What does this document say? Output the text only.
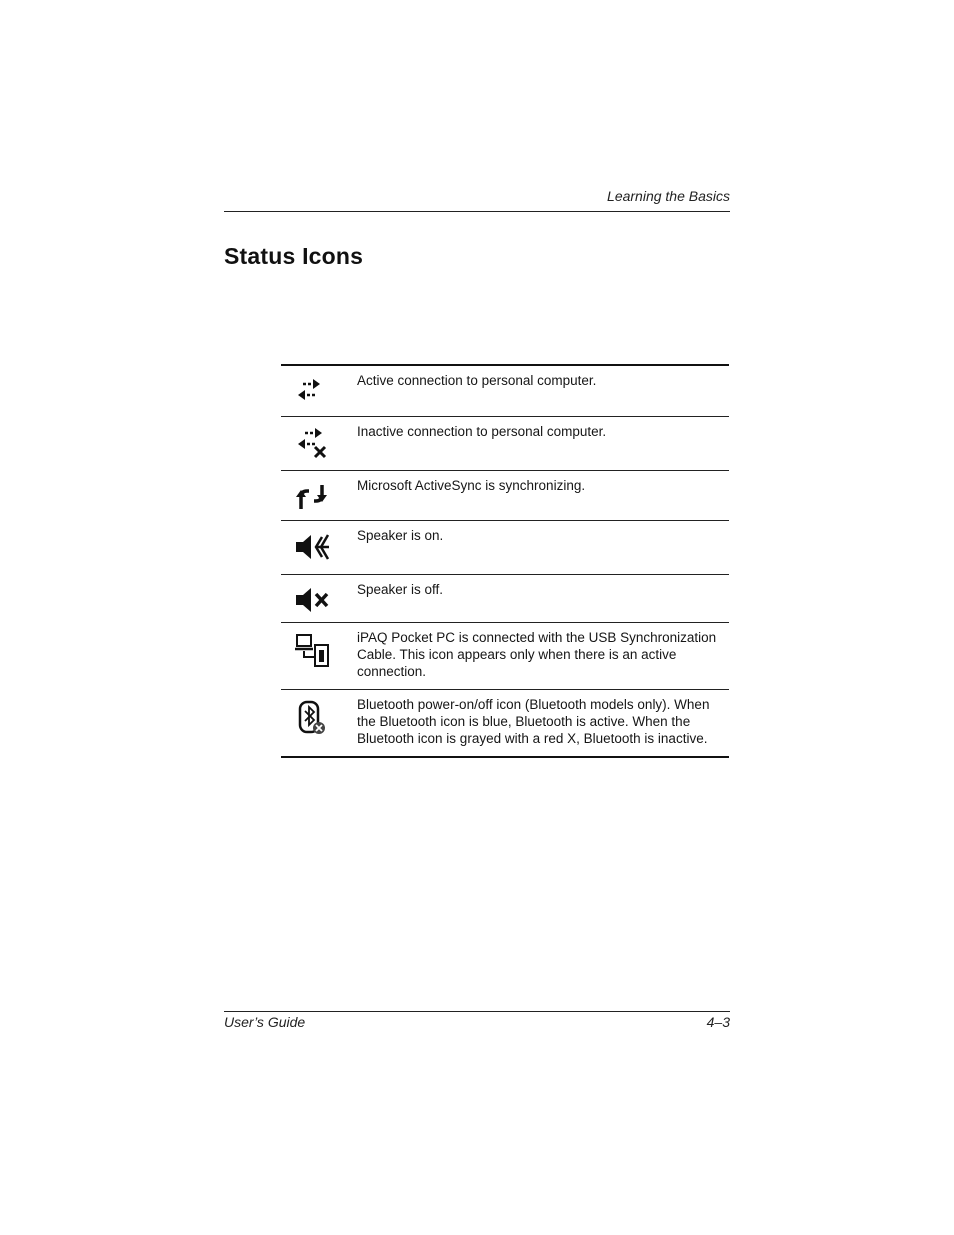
Learning the Basics
Status Icons
Active connection to personal computer.
Inactive connection to personal computer.
Microsoft ActiveSync is synchronizing.
Speaker is on.
Speaker is off.
iPAQ Pocket PC is connected with the USB Synchronization Cable. This icon appears only when there is an active connection.
Bluetooth power-on/off icon (Bluetooth models only). When the Bluetooth icon is blue, Bluetooth is active. When the Bluetooth icon is grayed with a red X, Bluetooth is inactive.
User’s Guide	4–3
